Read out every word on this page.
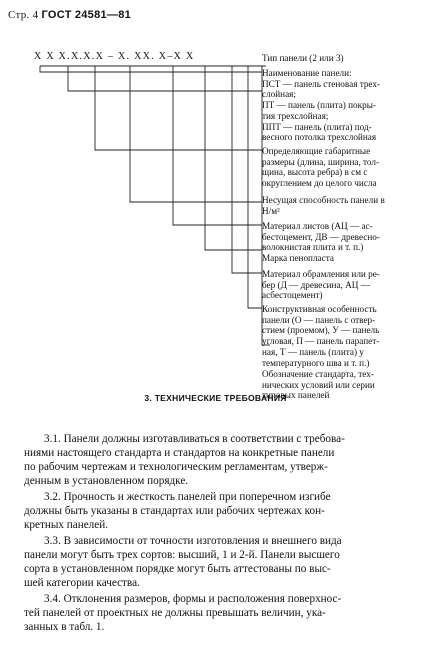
Стр. 4 ГОСТ 24581—81
X X X.X.X.X – X. XX. X–X X	Тип панели (2 или 3)

Наименование панели:

ПСТ — панель стеновая трех-

слойная;

ПТ — панель (плита) покры-

тия трехслойная;

ППТ — панель (плита) под-

весного потолка трехслойная

Определяющие габаритные

размеры (длина, ширина, тол-

щина, высота ребра) в см с

округлением до целого числа

Несущая способность панели в

Н/м²

Материал листов (АЦ — ас-

бестоцемент, ДВ — древесно-

волокнистая плита и т. п.)

Марка пенопласта

Материал обрамления или ре-

бер (Д — древесина, АЦ —

асбестоцемент)

Конструктивная особенность

панели (О — панель с отвер-

стием (проемом), У — панель

угловая, П — панель парапет-

ная, Т — панель (плита) у

температурного шва и т. п.)

Обозначение стандарта, тех-

нических условий или серии

типовых панелей

3. ТЕХНИЧЕСКИЕ ТРЕБОВАНИЯ

3.1. Панели должны изготавливаться в соответствии с требова-

ниями настоящего стандарта и стандартов на конкретные панели

по рабочим чертежам и технологическим регламентам, утверж-

денным в установленном порядке.

3.2. Прочность и жесткость панелей при поперечном изгибе

должны быть указаны в стандартах или рабочих чертежах кон-

кретных панелей.

3.3. В зависимости от точности изготовления и внешнего вида

панели могут быть трех сортов: высший, 1 и 2-й. Панели высшего

сорта в установленном порядке могут быть аттестованы по выс-

шей категории качества.

3.4. Отклонения размеров, формы и расположения поверхнос-

тей панелей от проектных не должны превышать величин, ука-

занных в табл. 1.
